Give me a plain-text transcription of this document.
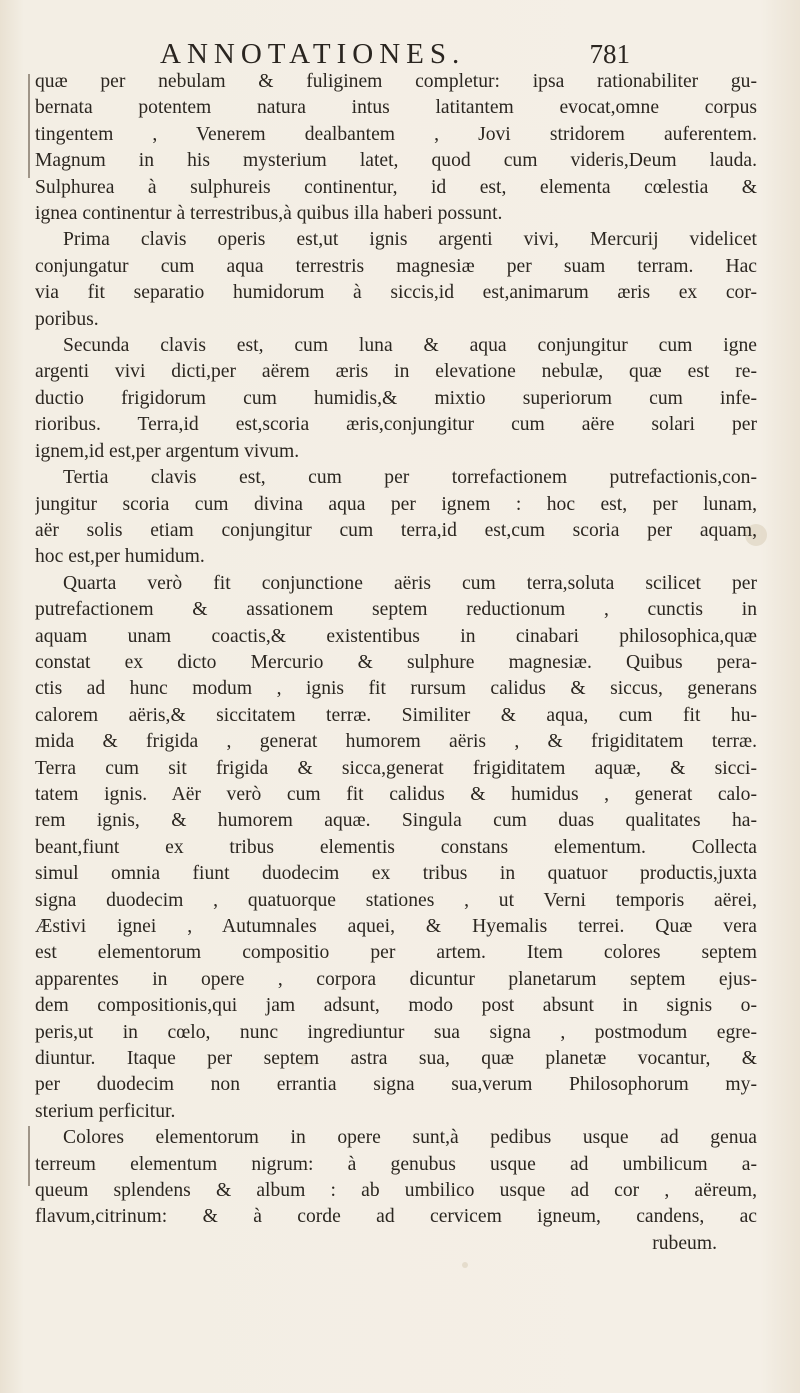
ANNOTATIONES.	781
quæ per nebulam & fuliginem completur: ipsa rationabiliter gu-
bernata potentem natura intus latitantem evocat,omne corpus
tingentem , Venerem dealbantem , Jovi stridorem auferentem.
Magnum in his mysterium latet, quod cum videris,Deum lauda.
Sulphurea à sulphureis continentur, id est, elementa cœlestia &
ignea continentur à terrestribus,à quibus illa haberi possunt.
Prima clavis operis est,ut ignis argenti vivi, Mercurij videlicet
conjungatur cum aqua terrestris magnesiæ per suam terram. Hac
via fit separatio humidorum à siccis,id est,animarum æris ex cor-
poribus.
Secunda clavis est, cum luna & aqua conjungitur cum igne
argenti vivi dicti,per aërem æris in elevatione nebulæ, quæ est re-
ductio frigidorum cum humidis,& mixtio superiorum cum infe-
rioribus. Terra,id est,scoria æris,conjungitur cum aëre solari per
ignem,id est,per argentum vivum.
Tertia clavis est, cum per torrefactionem putrefactionis,con-
jungitur scoria cum divina aqua per ignem : hoc est, per lunam,
aër solis etiam conjungitur cum terra,id est,cum scoria per aquam,
hoc est,per humidum.
Quarta verò fit conjunctione aëris cum terra,soluta scilicet per
putrefactionem & assationem septem reductionum , cunctis in
aquam unam coactis,& existentibus in cinabari philosophica,quæ
constat ex dicto Mercurio & sulphure magnesiæ. Quibus pera-
ctis ad hunc modum , ignis fit rursum calidus & siccus, generans
calorem aëris,& siccitatem terræ. Similiter & aqua, cum fit hu-
mida & frigida , generat humorem aëris , & frigiditatem terræ.
Terra cum sit frigida & sicca,generat frigiditatem aquæ, & sicci-
tatem ignis. Aër verò cum fit calidus & humidus , generat calo-
rem ignis, & humorem aquæ. Singula cum duas qualitates ha-
beant,fiunt ex tribus elementis constans elementum. Collecta
simul omnia fiunt duodecim ex tribus in quatuor productis,juxta
signa duodecim , quatuorque stationes , ut Verni temporis aërei,
Æstivi ignei , Autumnales aquei, & Hyemalis terrei. Quæ vera
est elementorum compositio per artem. Item colores septem
apparentes in opere , corpora dicuntur planetarum septem ejus-
dem compositionis,qui jam adsunt, modo post absunt in signis o-
peris,ut in cœlo, nunc ingrediuntur sua signa , postmodum egre-
diuntur. Itaque per septem astra sua, quæ planetæ vocantur, &
per duodecim non errantia signa sua,verum Philosophorum my-
sterium perficitur.
Colores elementorum in opere sunt,à pedibus usque ad genua
terreum elementum nigrum: à genubus usque ad umbilicum a-
queum splendens & album : ab umbilico usque ad cor , aëreum,
flavum,citrinum: & à corde ad cervicem igneum, candens, ac
rubeum.
